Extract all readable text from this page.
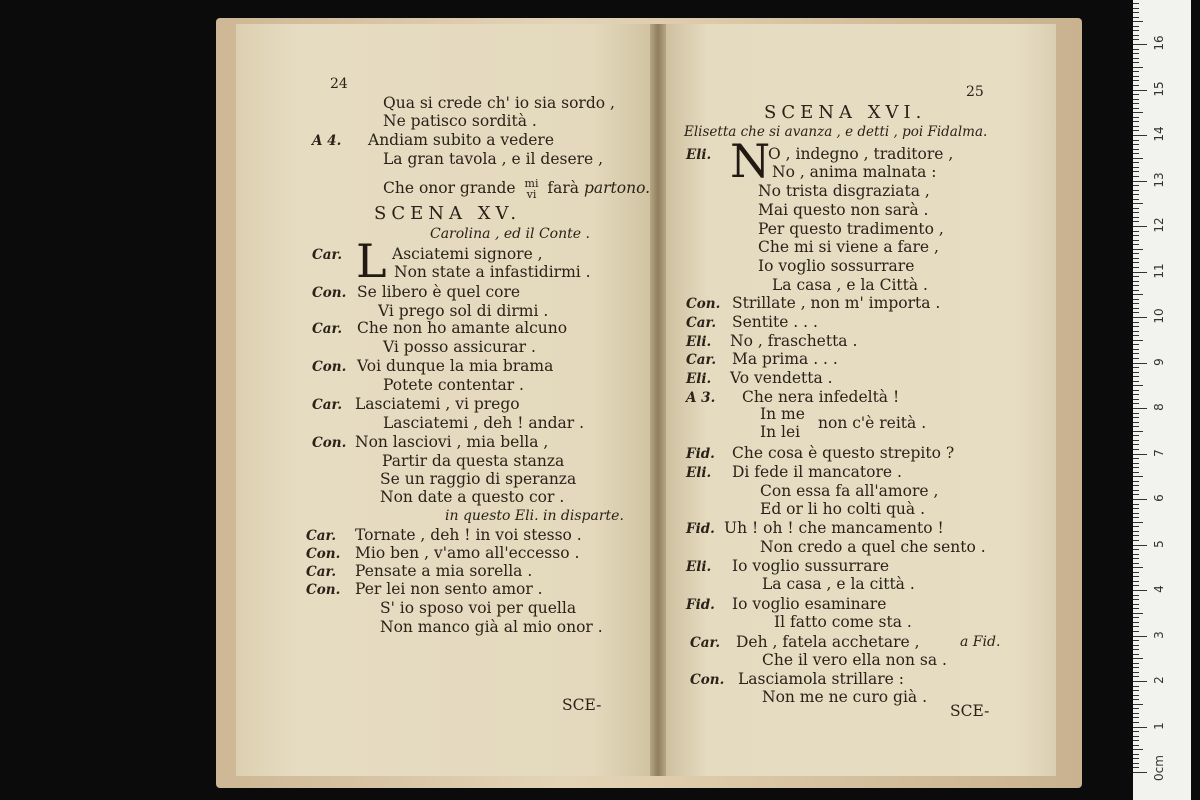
24
Qua si crede ch' io sia sordo ,
Ne patisco sordità .
A 4. Andiam subito a vedere
La gran tavola , e il desere ,
Che onor grande mi
vi farà partono.
SCENA XV.
Carolina , ed il Conte .
L
Car.	Asciatemi signore ,
Non state a infastidirmi .
Con. Se libero è quel core
Vi prego sol di dirmi .
Car. Che non ho amante alcuno
Vi posso assicurar .
Con. Voi dunque la mia brama
Potete contentar .
Car. Lasciatemi , vi prego
Lasciatemi , deh ! andar .
Con. Non lasciovi , mia bella ,
Partir da questa stanza
Se un raggio di speranza
Non date a questo cor .
in questo Eli. in disparte.
Car. Tornate , deh ! in voi stesso .
Con. Mio ben , v'amo all'eccesso .
Car. Pensate a mia sorella .
Con. Per lei non sento amor .
S' io sposo voi per quella
Non manco già al mio onor .
SCE-
25
SCENA XVI.
Elisetta che si avanza , e detti , poi Fidalma.
N
Eli.	O , indegno , traditore ,
No , anima malnata :
No trista disgraziata ,
Mai questo non sarà .
Per questo tradimento ,
Che mi si viene a fare ,
Io voglio sossurrare
La casa , e la Città .
Con. Strillate , non m' importa .
Car. Sentite . . .
Eli. No , fraschetta .
Car. Ma prima . . .
Eli. Vo vendetta .
A 3. Che nera infedeltà !
In me
In lei non c'è reità .
Fid. Che cosa è questo strepito ?
Eli. Di fede il mancatore .
Con essa fa all'amore ,
Ed or li ho colti quà .
Fid. Uh ! oh ! che mancamento !
Non credo a quel che sento .
Eli. Io voglio sussurrare
La casa , e la città .
Fid. Io voglio esaminare
Il fatto come sta .
Car. Deh , fatela acchetare ,	a Fid.
Che il vero ella non sa .
Con. Lasciamola strillare :
Non me ne curo già .
SCE-
0cm
1
2
3
4
5
6
7
8
9
10
11
12
13
14
15
16
